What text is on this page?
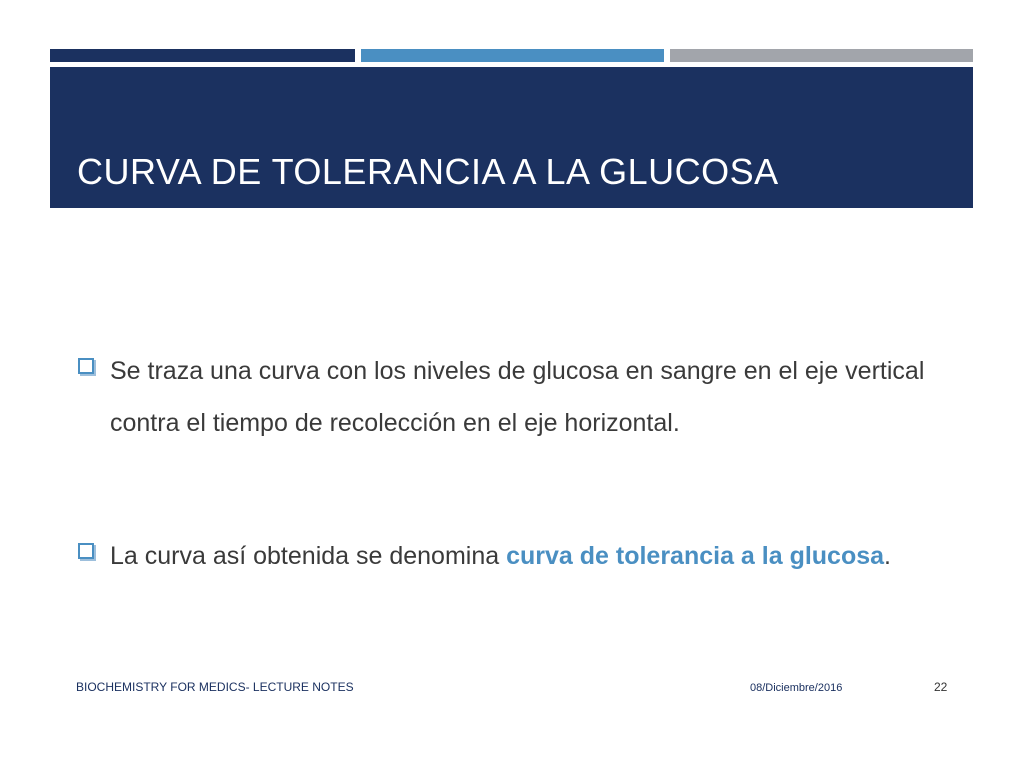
CURVA DE TOLERANCIA A LA GLUCOSA
Se traza una curva con los niveles de glucosa en sangre en el eje vertical contra el tiempo de recolección en el eje horizontal.
La curva así obtenida se denomina curva de tolerancia a la glucosa.
BIOCHEMISTRY FOR MEDICS- LECTURE NOTES	08/Diciembre/2016	22
